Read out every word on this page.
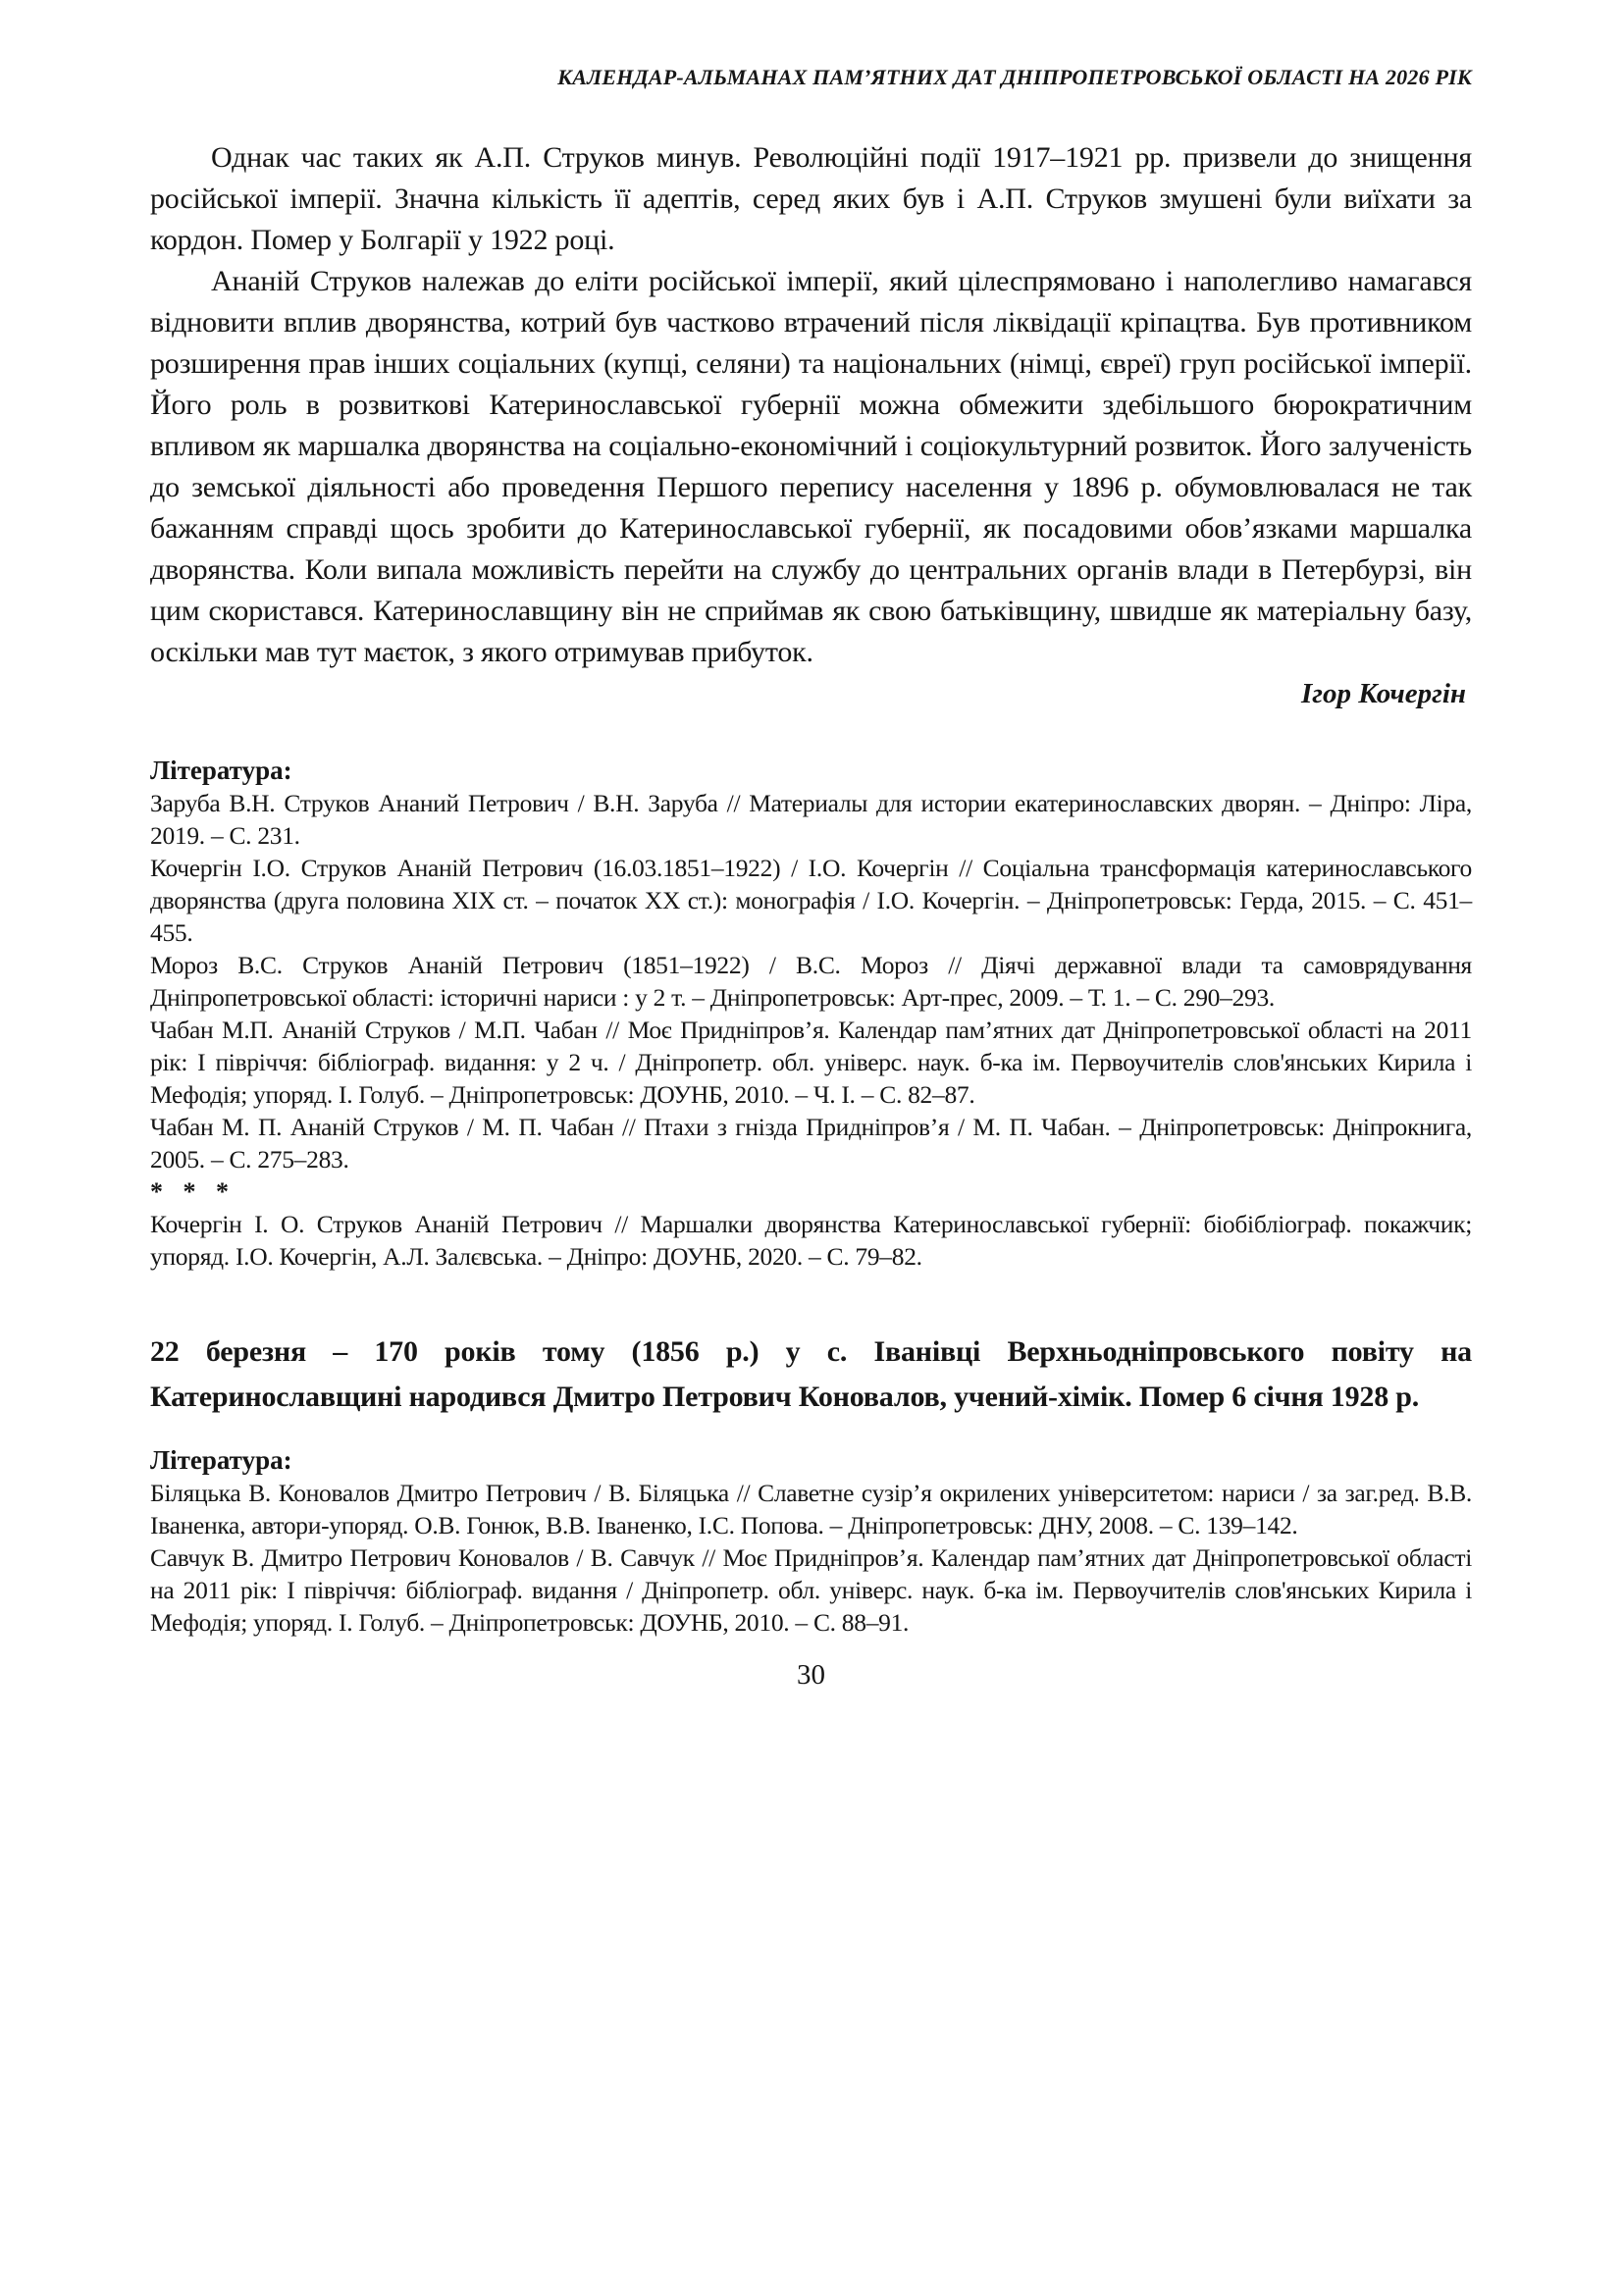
КАЛЕНДАР-АЛЬМАНАХ ПАМ’ЯТНИХ ДАТ ДНІПРОПЕТРОВСЬКОЇ ОБЛАСТІ НА 2026 РІК

Однак час таких як А.П. Струков минув. Революційні події 1917–1921 рр. призвели до знищення російської імперії. Значна кількість її адептів, серед яких був і А.П. Струков змушені були виїхати за кордон. Помер у Болгарії у 1922 році.

Ананій Струков належав до еліти російської імперії, який цілеспрямовано і наполегливо намагався відновити вплив дворянства, котрий був частково втрачений після ліквідації кріпацтва. Був противником розширення прав інших соціальних (купці, селяни) та національних (німці, євреї) груп російської імперії. Його роль в розвиткові Катеринославської губернії можна обмежити здебільшого бюрократичним впливом як маршалка дворянства на соціально-економічний і соціокультурний розвиток. Його залученість до земської діяльності або проведення Першого перепису населення у 1896 р. обумовлювалася не так бажанням справді щось зробити до Катеринославської губернії, як посадовими обов’язками маршалка дворянства. Коли випала можливість перейти на службу до центральних органів влади в Петербурзі, він цим скористався. Катеринославщину він не сприймав як свою батьківщину, швидше як матеріальну базу, оскільки мав тут маєток, з якого отримував прибуток.

Ігор Кочергін
Література:

Заруба В.Н. Струков Ананий Петрович / В.Н. Заруба // Материалы для истории екатеринославских дворян. – Дніпро: Ліра, 2019. – С. 231.

Кочергін І.О. Струков Ананій Петрович (16.03.1851–1922) / І.О. Кочергін // Соціальна трансформація катеринославського дворянства (друга половина XIX ст. – початок XX ст.): монографія / І.О. Кочергін. – Дніпропетровськ: Герда, 2015. – С. 451–455.

Мороз В.С. Струков Ананій Петрович (1851–1922) / В.С. Мороз // Діячі державної влади та самоврядування Дніпропетровської області: історичні нариси : у 2 т. – Дніпропетровськ: Арт-прес, 2009. – Т. 1. – С. 290–293.

Чабан М.П. Ананій Струков / М.П. Чабан // Моє Придніпров’я. Календар пам’ятних дат Дніпропетровської області на 2011 рік: І півріччя: бібліограф. видання: у 2 ч. / Дніпропетр. обл. універс. наук. б-ка ім. Первоучителів слов'янських Кирила і Мефодія; упоряд. І. Голуб. – Дніпропетровськ: ДОУНБ, 2010. – Ч. І. – С. 82–87.

Чабан М. П. Ананій Струков / М. П. Чабан // Птахи з гнізда Придніпров’я / М. П. Чабан. – Дніпропетровськ: Дніпрокнига, 2005. – С. 275–283.

* * *

Кочергін І. О. Струков Ананій Петрович // Маршалки дворянства Катеринославської губернії: біобібліограф. покажчик; упоряд. І.О. Кочергін, А.Л. Залєвська. – Дніпро: ДОУНБ, 2020. – С. 79–82.

22 березня – 170 років тому (1856 р.) у с. Іванівці Верхньодніпровського повіту на Катеринославщині народився Дмитро Петрович Коновалов, учений-хімік. Помер 6 січня 1928 р.

Література:

Біляцька В. Коновалов Дмитро Петрович / В. Біляцька // Славетне сузір’я окрилених університетом: нариси / за заг.ред. В.В. Іваненка, автори-упоряд. О.В. Гонюк, В.В. Іваненко, І.С. Попова. – Дніпропетровськ: ДНУ, 2008. – С. 139–142.

Савчук В. Дмитро Петрович Коновалов / В. Савчук // Моє Придніпров’я. Календар пам’ятних дат Дніпропетровської області на 2011 рік: І півріччя: бібліограф. видання / Дніпропетр. обл. універс. наук. б-ка ім. Первоучителів слов'янських Кирила і Мефодія; упоряд. І. Голуб. – Дніпропетровськ: ДОУНБ, 2010. – С. 88–91.

30
